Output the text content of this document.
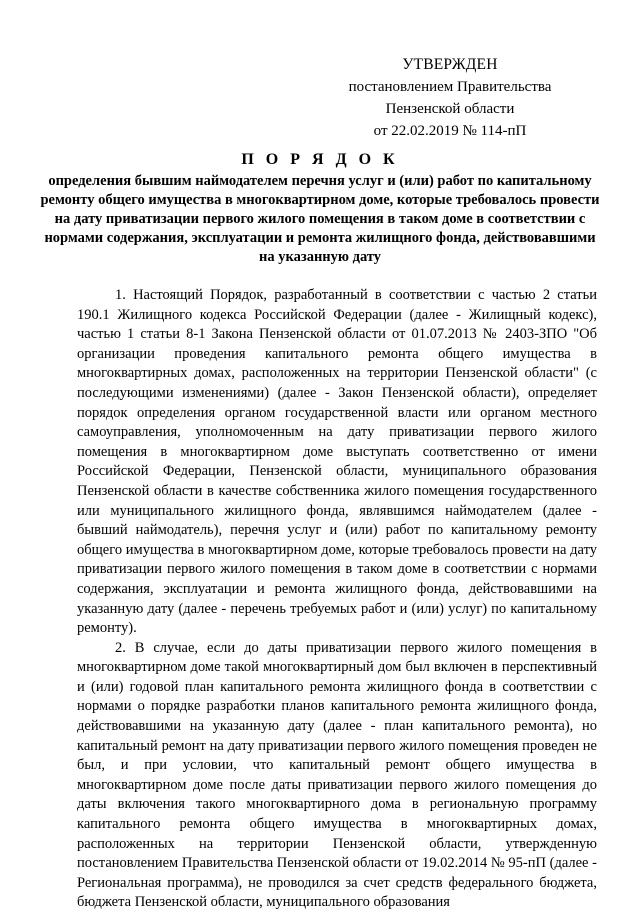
УТВЕРЖДЕН
постановлением Правительства
Пензенской области
от 22.02.2019 № 114-пП
П О Р Я Д О К
определения бывшим наймодателем перечня услуг и (или) работ по капитальному ремонту общего имущества в многоквартирном доме, которые требовалось провести на дату приватизации первого жилого помещения в таком доме в соответствии с нормами содержания, эксплуатации и ремонта жилищного фонда, действовавшими на указанную дату

1. Настоящий Порядок, разработанный в соответствии с частью 2 статьи 190.1 Жилищного кодекса Российской Федерации (далее - Жилищный кодекс), частью 1 статьи 8-1 Закона Пензенской области от 01.07.2013 № 2403-ЗПО "Об организации проведения капитального ремонта общего имущества в многоквартирных домах, расположенных на территории Пензенской области" (с последующими изменениями) (далее - Закон Пензенской области), определяет порядок определения органом государственной власти или органом местного самоуправления, уполномоченным на дату приватизации первого жилого помещения в многоквартирном доме выступать соответственно от имени Российской Федерации, Пензенской области, муниципального образования Пензенской области в качестве собственника жилого помещения государственного или муниципального жилищного фонда, являвшимся наймодателем (далее - бывший наймодатель), перечня услуг и (или) работ по капитальному ремонту общего имущества в многоквартирном доме, которые требовалось провести на дату приватизации первого жилого помещения в таком доме в соответствии с нормами содержания, эксплуатации и ремонта жилищного фонда, действовавшими на указанную дату (далее - перечень требуемых работ и (или) услуг) по капитальному ремонту).

2. В случае, если до даты приватизации первого жилого помещения в многоквартирном доме такой многоквартирный дом был включен в перспективный и (или) годовой план капитального ремонта жилищного фонда в соответствии с нормами о порядке разработки планов капитального ремонта жилищного фонда, действовавшими на указанную дату (далее - план капитального ремонта), но капитальный ремонт на дату приватизации первого жилого помещения проведен не был, и при условии, что капитальный ремонт общего имущества в многоквартирном доме после даты приватизации первого жилого помещения до даты включения такого многоквартирного дома в региональную программу капитального ремонта общего имущества в многоквартирных домах, расположенных на территории Пензенской области, утвержденную постановлением Правительства Пензенской области от 19.02.2014 № 95-пП (далее - Региональная программа), не проводился за счет средств федерального бюджета, бюджета Пензенской области, муниципального образования
